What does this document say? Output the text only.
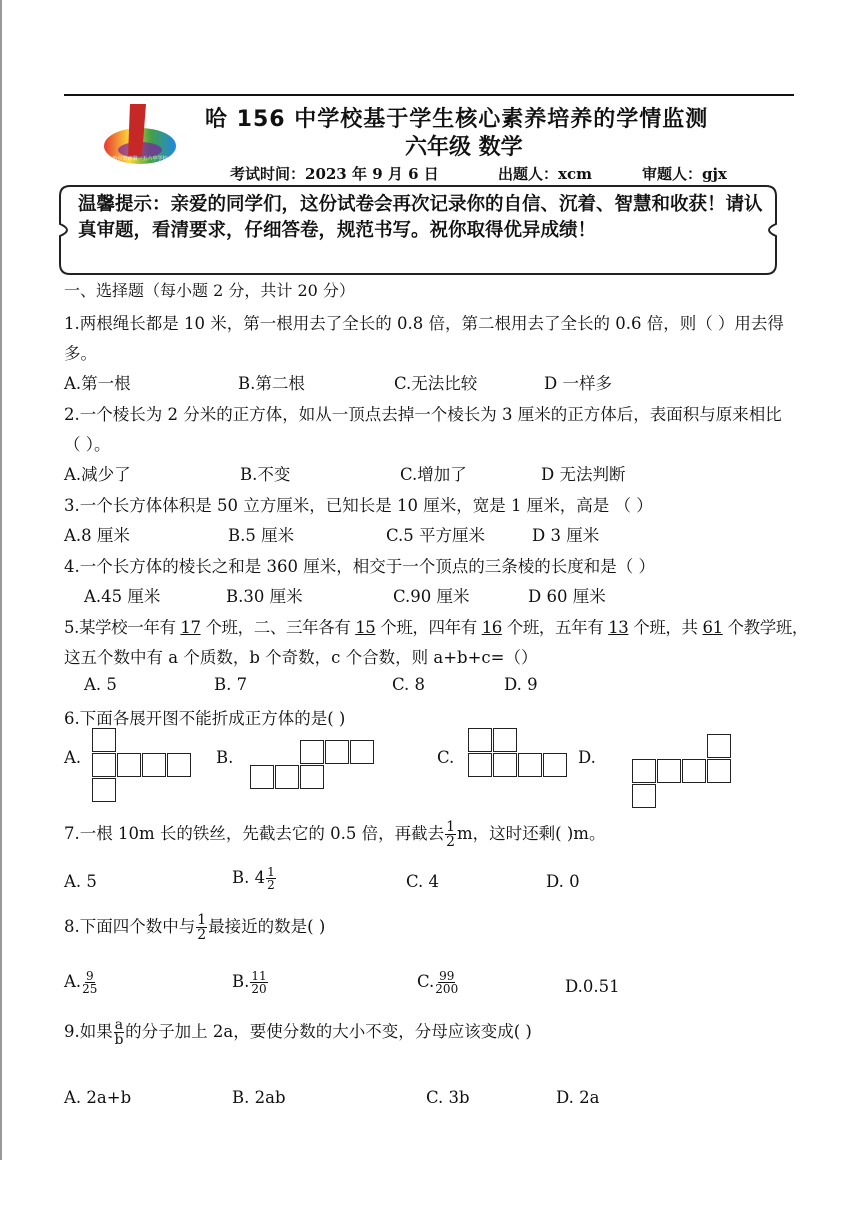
哈尔滨市第一五六中学校
哈 156 中学校基于学生核心素养培养的学情监测
六年级 数学
考试时间：2023 年 9 月 6 日	出题人：xcm	审题人：gjx
温馨提示：亲爱的同学们，这份试卷会再次记录你的自信、沉着、智慧和收获！请认真审题，看清要求，仔细答卷，规范书写。祝你取得优异成绩！
一、选择题（每小题 2 分，共计 20 分）
1.两根绳长都是 10 米，第一根用去了全长的 0.8 倍，第二根用去了全长的 0.6 倍，则（ ）用去得
多。
A.第一根	B.第二根	C.无法比较	D 一样多
2.一个棱长为 2 分米的正方体，如从一顶点去掉一个棱长为 3 厘米的正方体后，表面积与原来相比
（ ）。
A.减少了	B.不变	C.增加了	D 无法判断
3.一个长方体体积是 50 立方厘米，已知长是 10 厘米，宽是 1 厘米，高是 （ ）
A.8 厘米	B.5 厘米	C.5 平方厘米	D 3 厘米
4.一个长方体的棱长之和是 360 厘米，相交于一个顶点的三条棱的长度和是（ ）
A.45 厘米	B.30 厘米	C.90 厘米	D 60 厘米
5.某学校一年有 17 个班，二、三年各有 15 个班，四年有 16 个班，五年有 13 个班，共 61 个教学班，
这五个数中有 a 个质数，b 个奇数，c 个合数，则 a+b+c=（）
A. 5	B. 7	C. 8	D. 9
6.下面各展开图不能折成正方体的是( )
A.	B.	C.	D.
7.一根 10m 长的铁丝，先截去它的 0.5 倍，再截去 $\frac{1}{2}$ m，这时还剩( )m。
A. 5	B. $4 \frac{1}{2}$	C. 4	D. 0
8.下面四个数中与 $\frac{1}{2}$ 最接近的数是( )
A. $\frac{9}{25}$	B. $\frac{11}{20}$	C. $\frac{99}{200}$	D.0.51
9.如果 $\frac{a}{b}$ 的分子加上 2a，要使分数的大小不变，分母应该变成( )
A. 2a+b	B. 2ab	C. 3b	D. 2a
